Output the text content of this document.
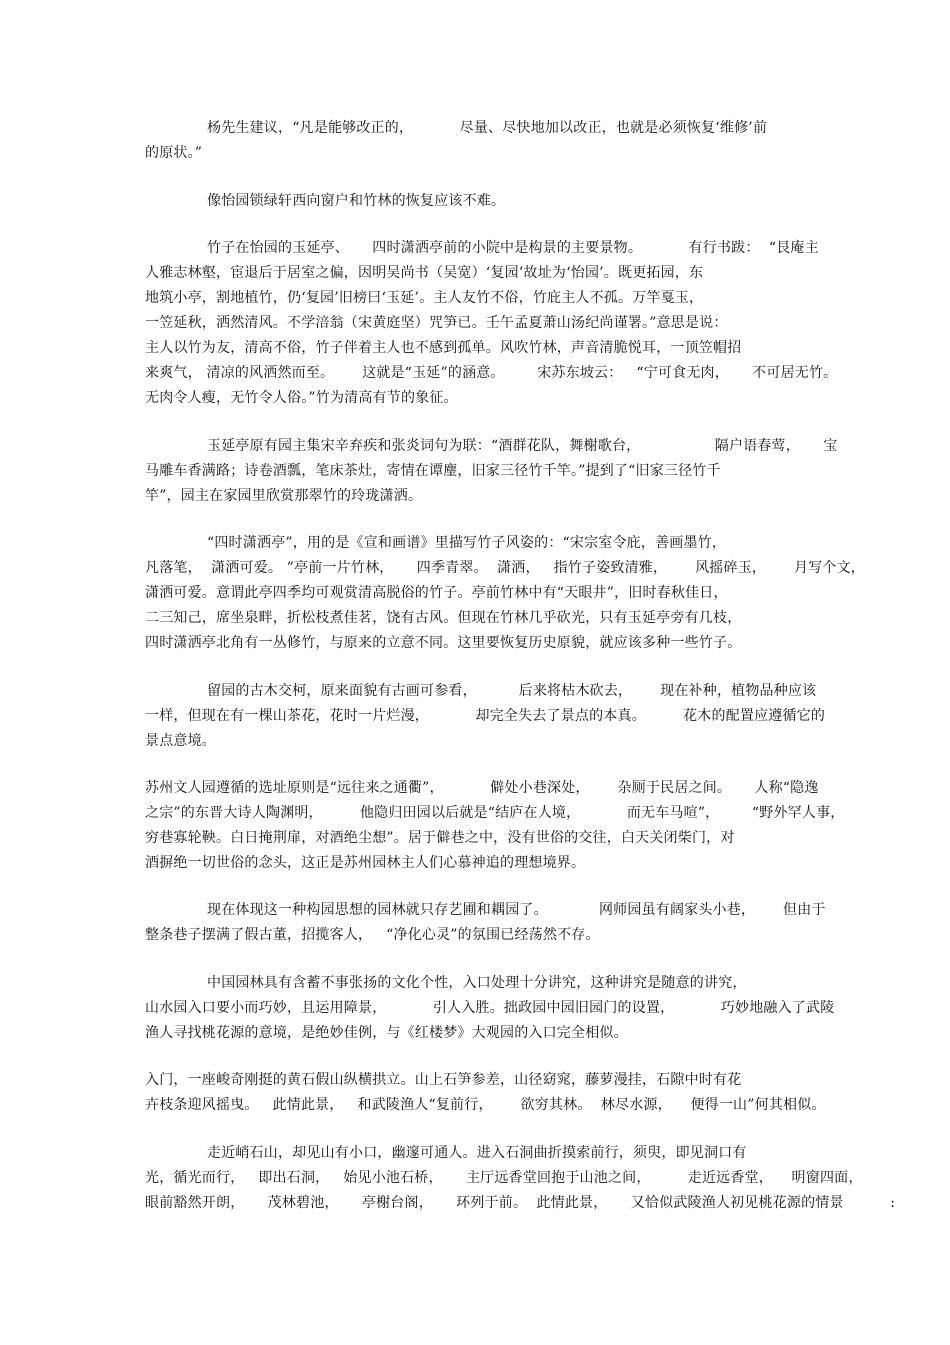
杨先生建议，“凡是能够改正的，          尽量、尽快地加以改正，也就是必须恢复‘维修’前
的原状。”
像怡园锁绿轩西向窗户和竹林的恢复应该不难。
竹子在怡园的玉延亭、     四时潇洒亭前的小院中是构景的主要景物。          有行书跋：  “艮庵主
人雅志林壑，宦退后于居室之偏，因明吴尚书（吴宽）‘复园’故址为‘怡园’。既更拓园，东
地筑小亭，割地植竹，仍‘复园’旧榜曰‘玉延’。主人友竹不俗，竹庇主人不孤。万竿戛玉，
一笠延秋，洒然清风。不学涪翁（宋黄庭坚）咒笋已。壬午孟夏萧山汤纪尚谨署。”意思是说：
主人以竹为友，清高不俗，竹子伴着主人也不感到孤单。风吹竹林，声音清脆悦耳，一顶笠帽招
来爽气， 清凉的风洒然而至。      这就是“玉延”的涵意。       宋苏东坡云：   “宁可食无肉，     不可居无竹。
无肉令人瘦，无竹令人俗。”竹为清高有节的象征。
玉延亭原有园主集宋辛弃疾和张炎词句为联：“酒群花队，舞榭歌台，                隔户语春莺，     宝
马雕车香满路；诗卷酒瓢，笔床茶灶，寄情在谭麈，旧家三径竹千竿。”提到了“旧家三径竹千
竿”，园主在家园里欣赏那翠竹的玲珑潇洒。
“四时潇洒亭”，用的是《宣和画谱》里描写竹子风姿的：“宋宗室令庇，善画墨竹，
凡落笔，  潇洒可爱。 ”亭前一片竹林，     四季青翠。  潇洒，   指竹子姿致清雅，      风摇碎玉，      月写个文，
潇洒可爱。意谓此亭四季均可观赏清高脱俗的竹子。亭前竹林中有“天眼井”，旧时春秋佳日，
二三知己，席坐泉畔，折松枝煮佳茗，饶有古风。但现在竹林几乎砍光，只有玉延亭旁有几枝，
四时潇洒亭北角有一丛修竹，与原来的立意不同。这里要恢复历史原貌，就应该多种一些竹子。
留园的古木交柯，原来面貌有古画可参看，         后来将枯木砍去，      现在补种，植物品种应该
一样，但现在有一棵山茶花，花时一片烂漫，          却完全失去了景点的本真。        花木的配置应遵循它的
景点意境。
苏州文人园遵循的选址原则是“远往来之通衢”，          僻处小巷深处，      杂厕于民居之间。     人称“隐逸
之宗”的东晋大诗人陶渊明，        他隐归田园以后就是“结庐在人境，          而无车马喧”，       “野外罕人事，
穷巷寡轮鞅。白日掩荆扉，对酒绝尘想”。居于僻巷之中，没有世俗的交往，白天关闭柴门，对
酒摒绝一切世俗的念头，这正是苏州园林主人们心慕神追的理想境界。
现在体现这一种构园思想的园林就只存艺圃和耦园了。           网师园虽有阔家头小巷，      但由于
整条巷子摆满了假古董，招揽客人，   “净化心灵”的氛围已经荡然不存。
中国园林具有含蓄不事张扬的文化个性，入口处理十分讲究，这种讲究是随意的讲究，
山水园入口要小而巧妙，且运用障景，          引人入胜。拙政园中园旧园门的设置，          巧妙地融入了武陵
渔人寻找桃花源的意境，是绝妙佳例，与《红楼梦》大观园的入口完全相似。
入门，一座峻奇刚挺的黄石假山纵横拱立。山上石笋参差，山径窈窕，藤萝漫挂，石隙中时有花
卉枝条迎风摇曳。   此情此景，   和武陵渔人“复前行，      欲穷其林。  林尽水源，    便得一山”何其相似。
走近峭石山，却见山有小口，幽邃可通人。进入石洞曲折摸索前行，须臾，即见洞口有
光，循光而行，   即出石洞，   始见小池石桥，     主厅远香堂回抱于山池之间，        走近远香堂，    明窗四面，
眼前豁然开朗，     茂林碧池，     亭榭台阁，     环列于前。  此情此景，     又恰似武陵渔人初见桃花源的情景          :
